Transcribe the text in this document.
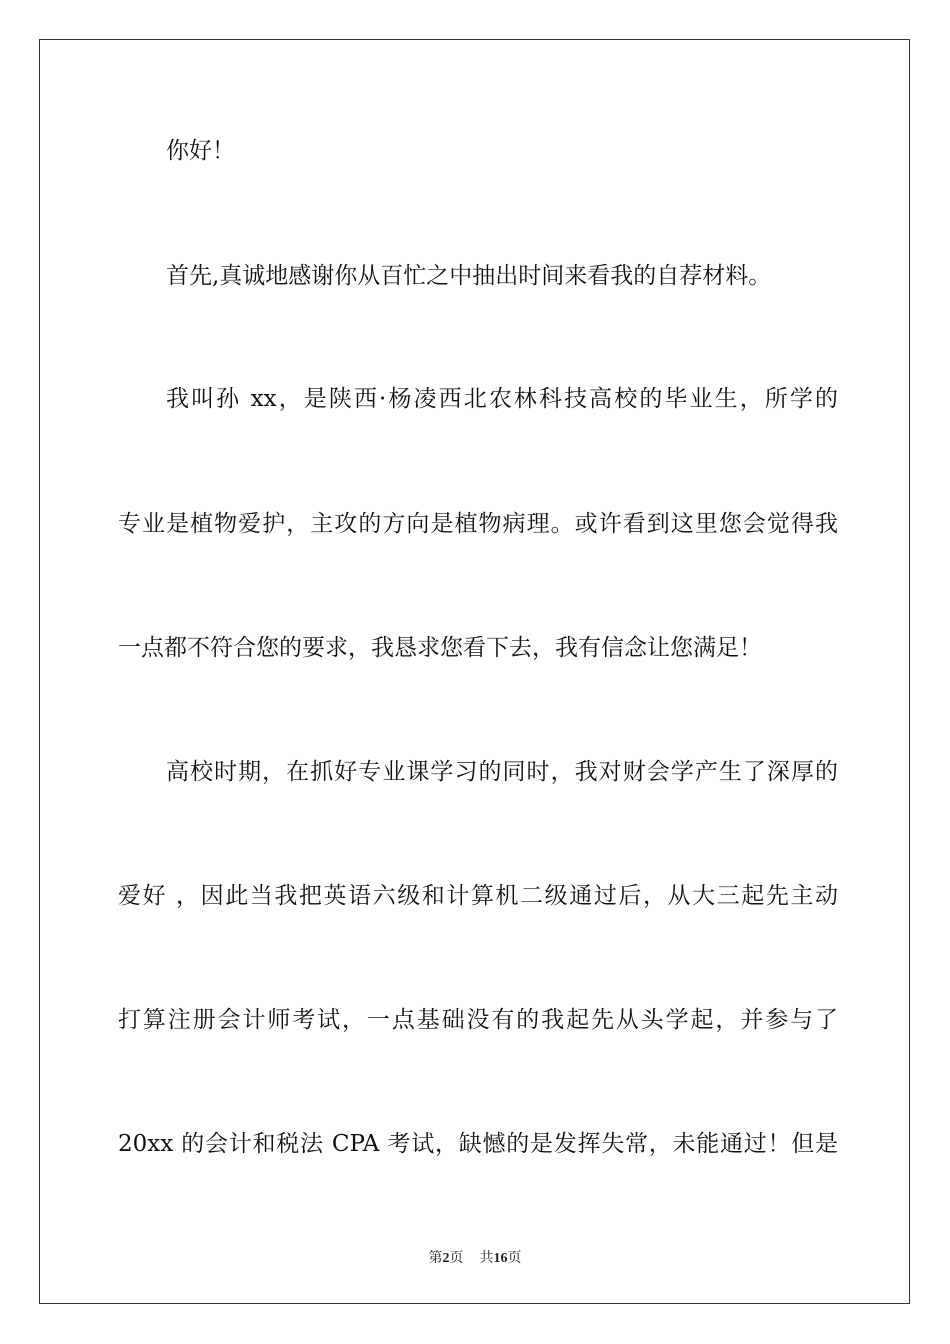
你好！
首先,真诚地感谢你从百忙之中抽出时间来看我的自荐材料。
我叫孙 xx，是陕西·杨凌西北农林科技高校的毕业生，所学的
专业是植物爱护，主攻的方向是植物病理。或许看到这里您会觉得我
一点都不符合您的要求，我恳求您看下去，我有信念让您满足！
高校时期，在抓好专业课学习的同时，我对财会学产生了深厚的
爱好 ，因此当我把英语六级和计算机二级通过后，从大三起先主动
打算注册会计师考试，一点基础没有的我起先从头学起，并参与了
20xx 的会计和税法 CPA 考试，缺憾的是发挥失常，未能通过！但是
第2页 共16页
